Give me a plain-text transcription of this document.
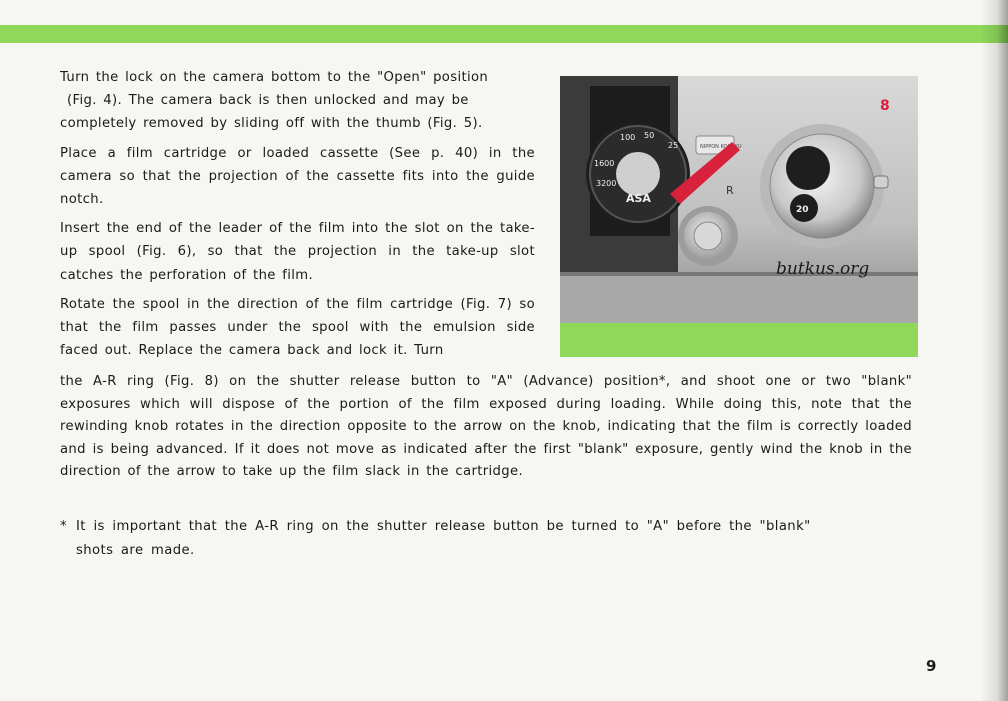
Turn the lock on the camera bottom to the "Open" position
(Fig. 4). The camera back is then unlocked and may be
completely removed by sliding off with the thumb (Fig. 5).

Place a film cartridge or loaded cassette (See p. 40) in the camera so that the projection of the cassette fits into the guide notch.

Insert the end of the leader of the film into the slot on the take-up spool (Fig. 6), so that the projection in the take-up slot catches the perforation of the film.

Rotate the spool in the direction of the film cartridge (Fig. 7) so that the film passes under the spool with the emulsion side faced out. Replace the camera back and lock it. Turn

the A-R ring (Fig. 8) on the shutter release button to "A" (Advance) position*, and shoot one or two "blank" exposures which will dispose of the portion of the film exposed during loading. While doing this, note that the rewinding knob rotates in the direction opposite to the arrow on the knob, indicating that the film is correctly loaded and is being advanced. If it does not move as indicated after the first "blank" exposure, gently wind the knob in the direction of the arrow to take up the film slack in the cartridge.

* It is important that the A-R ring on the shutter release button be turned to "A" before the "blank"
shots are made.

9
ASA
1600
3200
100 50
25	NIPPON KOGAKU
R
20
butkus.org
8
